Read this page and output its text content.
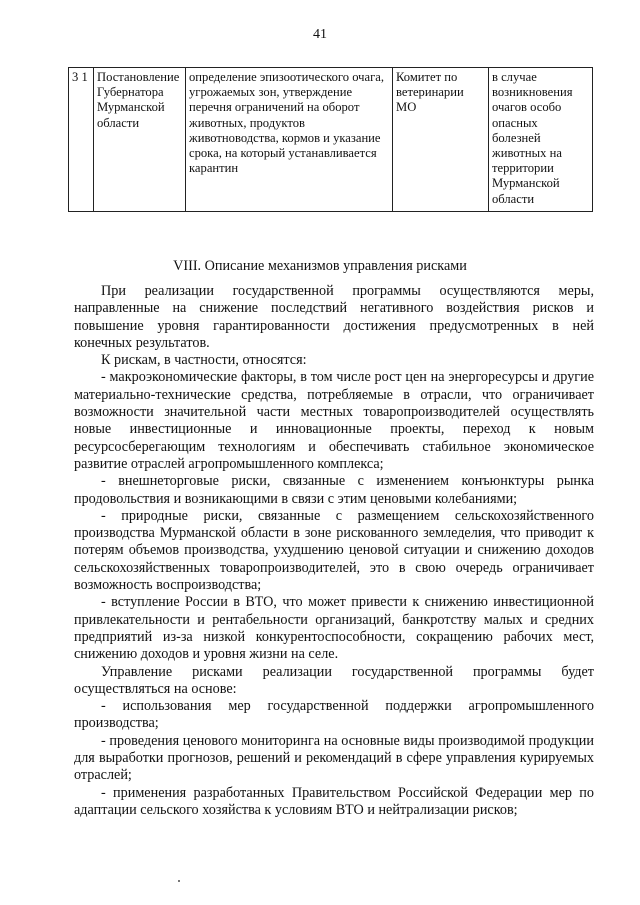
41
3 1	Постановление Губернатора Мурманской области	определение эпизоотического очага, угрожаемых зон, утверждение перечня ограничений на оборот животных, продуктов животноводства, кормов и указание срока, на который устанавливается карантин	Комитет по ветеринарии МО	в случае возникновения очагов особо опасных болезней животных на территории Мурманской области
VIII. Описание механизмов управления рисками

При реализации государственной программы осуществляются меры, направленные на снижение последствий негативного воздействия рисков и повышение уровня гарантированности достижения предусмотренных в ней конечных результатов.

К рискам, в частности, относятся:

- макроэкономические факторы, в том числе рост цен на энергоресурсы и другие материально-технические средства, потребляемые в отрасли, что ограничивает возможности значительной части местных товаропроизводителей осуществлять новые инвестиционные и инновационные проекты, переход к новым ресурсосберегающим технологиям и обеспечивать стабильное экономическое развитие отраслей агропромышленного комплекса;

- внешнеторговые риски, связанные с изменением конъюнктуры рынка продовольствия и возникающими в связи с этим ценовыми колебаниями;

- природные риски, связанные с размещением сельскохозяйственного производства Мурманской области в зоне рискованного земледелия, что приводит к потерям объемов производства, ухудшению ценовой ситуации и снижению доходов сельскохозяйственных товаропроизводителей, это в свою очередь ограничивает возможность воспроизводства;

- вступление России в ВТО, что может привести к снижению инвестиционной привлекательности и рентабельности организаций, банкротству малых и средних предприятий из-за низкой конкурентоспособности, сокращению рабочих мест, снижению доходов и уровня жизни на селе.

Управление рисками реализации государственной программы будет осуществляться на основе:

- использования мер государственной поддержки агропромышленного производства;

- проведения ценового мониторинга на основные виды производимой продукции для выработки прогнозов, решений и рекомендаций в сфере управления курируемых отраслей;

- применения разработанных Правительством Российской Федерации мер по адаптации сельского хозяйства к условиям ВТО и нейтрализации рисков;
